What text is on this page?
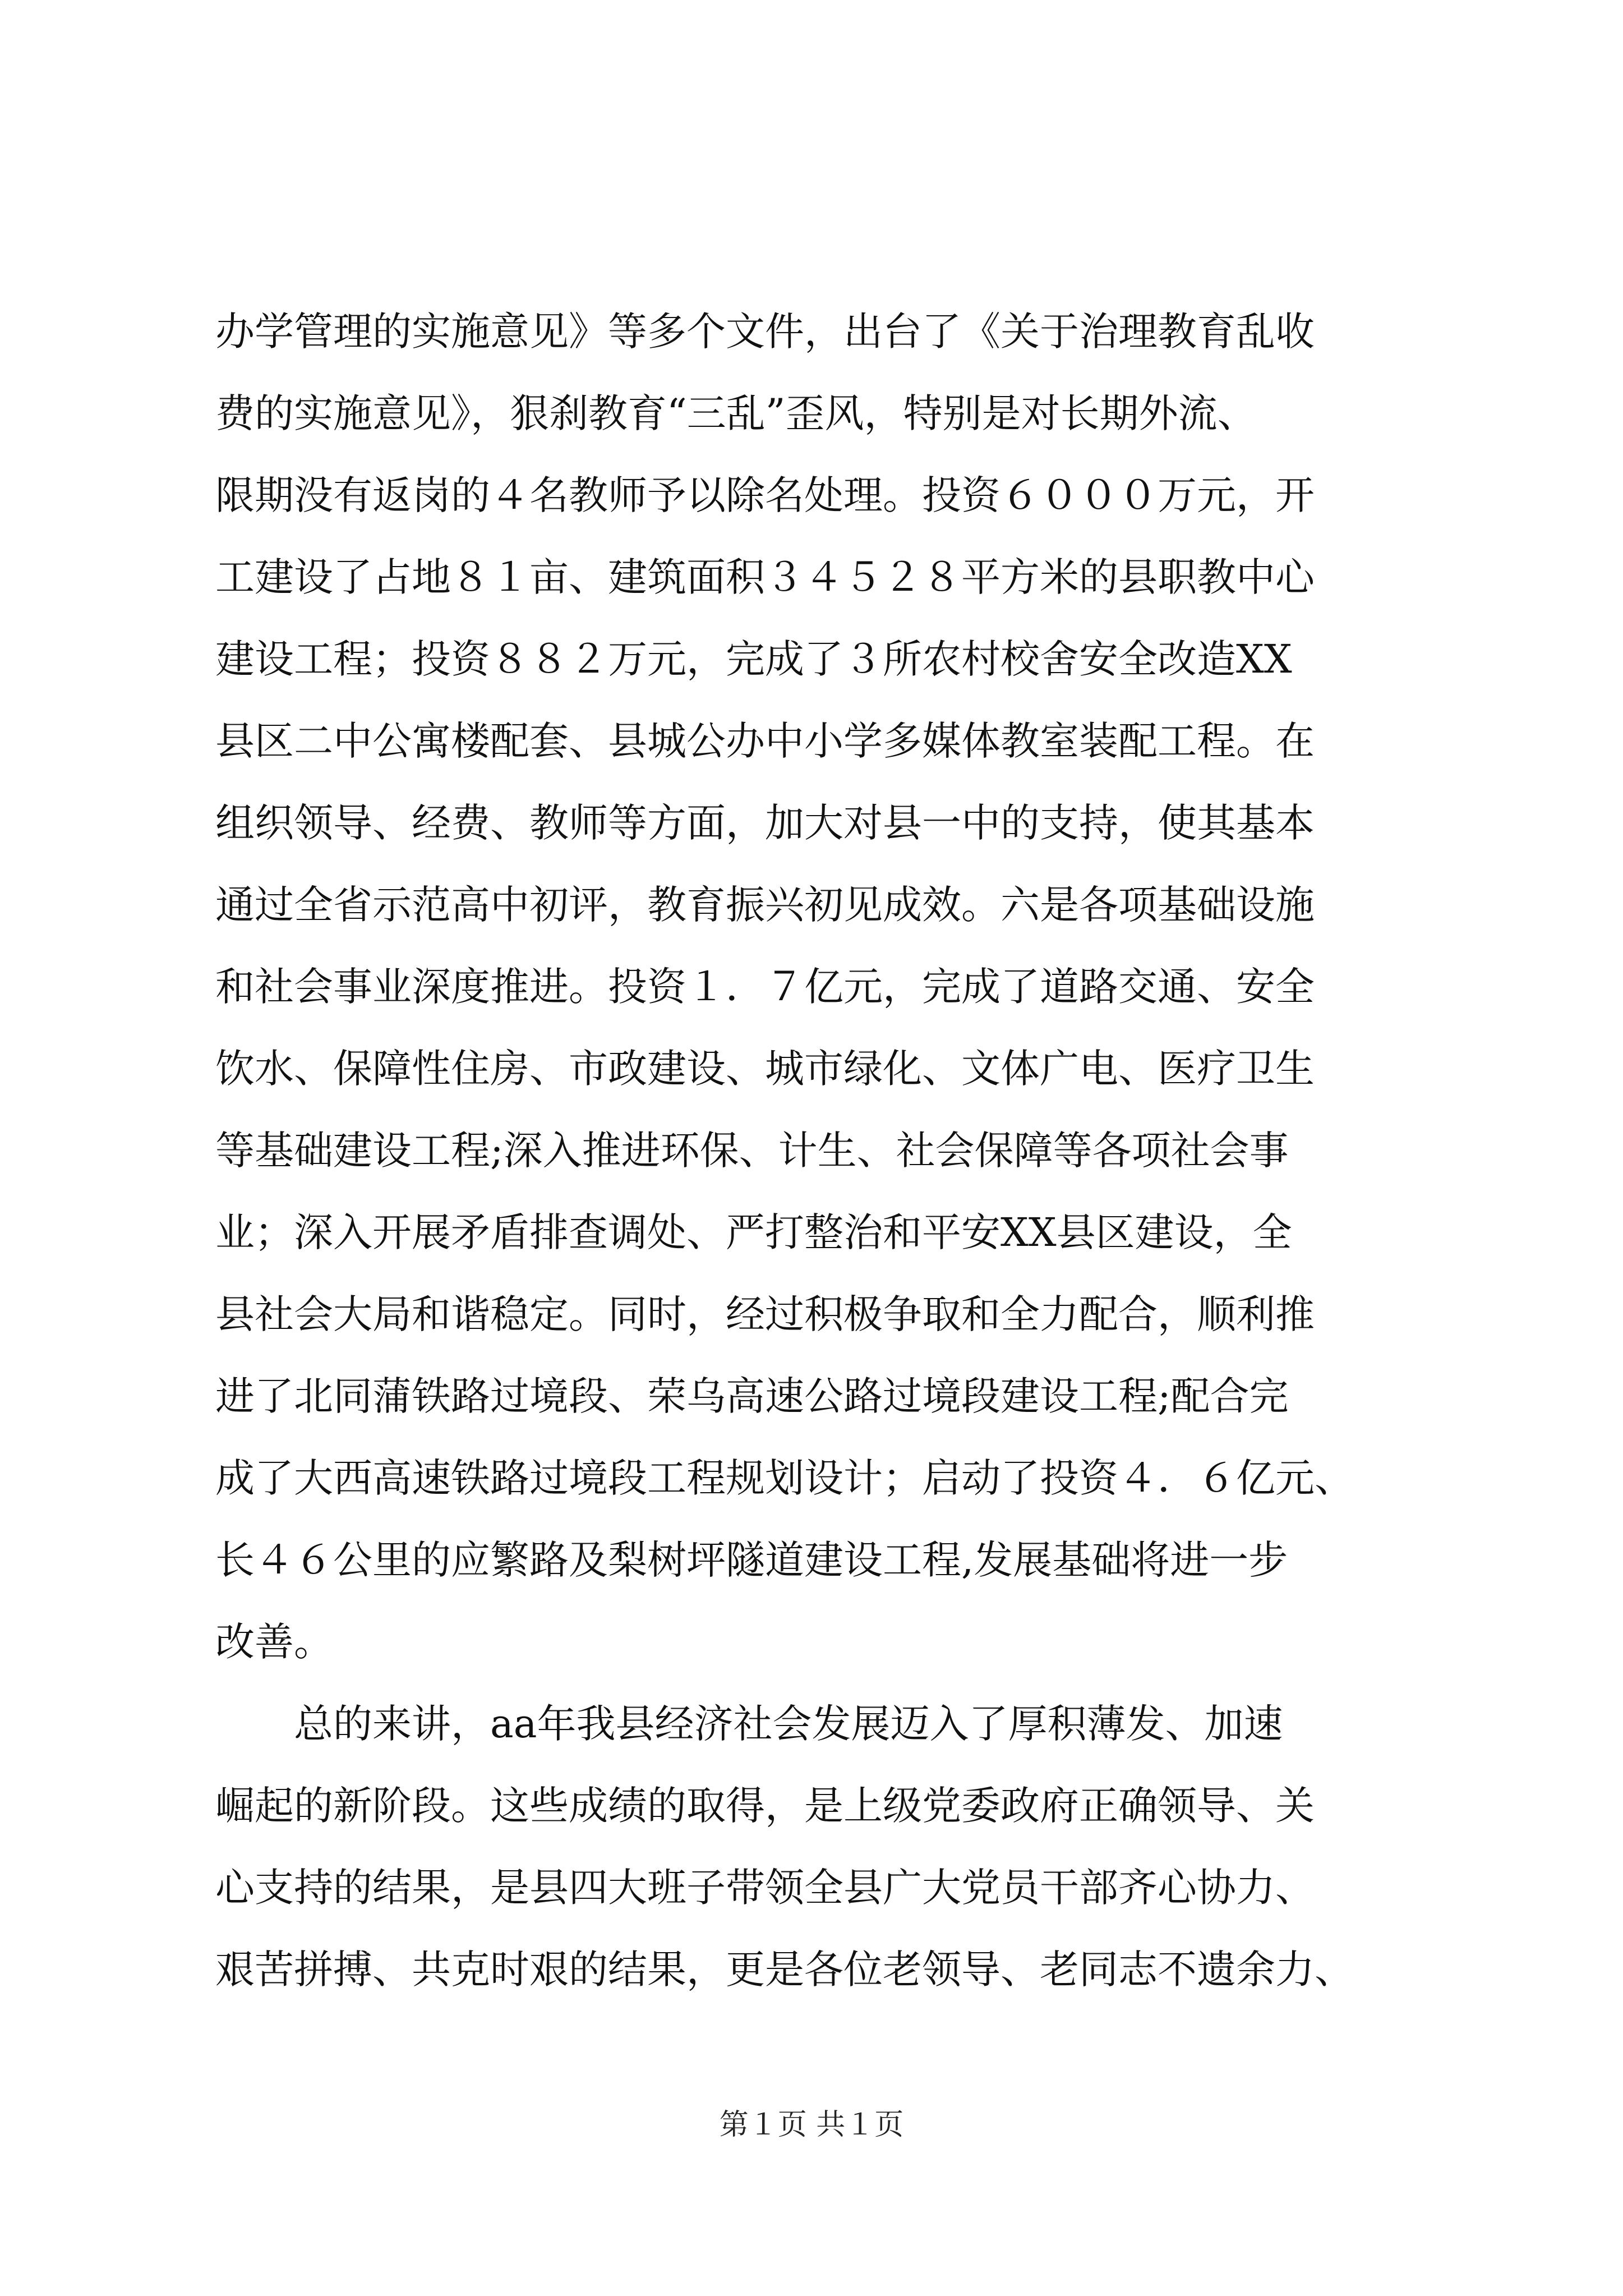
办学管理的实施意见》等多个文件，出台了《关于治理教育乱收
费的实施意见》，狠刹教育“三乱”歪风，特别是对长期外流、
限期没有返岗的４名教师予以除名处理。投资６０００万元，开
工建设了占地８１亩、建筑面积３４５２８平方米的县职教中心
建设工程；投资８８２万元，完成了３所农村校舍安全改造XX
县区二中公寓楼配套、县城公办中小学多媒体教室装配工程。在
组织领导、经费、教师等方面，加大对县一中的支持，使其基本
通过全省示范高中初评，教育振兴初见成效。六是各项基础设施
和社会事业深度推进。投资１．７亿元，完成了道路交通、安全
饮水、保障性住房、市政建设、城市绿化、文体广电、医疗卫生
等基础建设工程;深入推进环保、计生、社会保障等各项社会事
业；深入开展矛盾排查调处、严打整治和平安XX县区建设，全
县社会大局和谐稳定。同时，经过积极争取和全力配合，顺利推
进了北同蒲铁路过境段、荣乌高速公路过境段建设工程;配合完
成了大西高速铁路过境段工程规划设计；启动了投资４．６亿元、
长４６公里的应繁路及梨树坪隧道建设工程,发展基础将进一步
改善。
　　总的来讲，aa年我县经济社会发展迈入了厚积薄发、加速
崛起的新阶段。这些成绩的取得，是上级党委政府正确领导、关
心支持的结果，是县四大班子带领全县广大党员干部齐心协力、
艰苦拼搏、共克时艰的结果，更是各位老领导、老同志不遗余力、
第１页 共１页
